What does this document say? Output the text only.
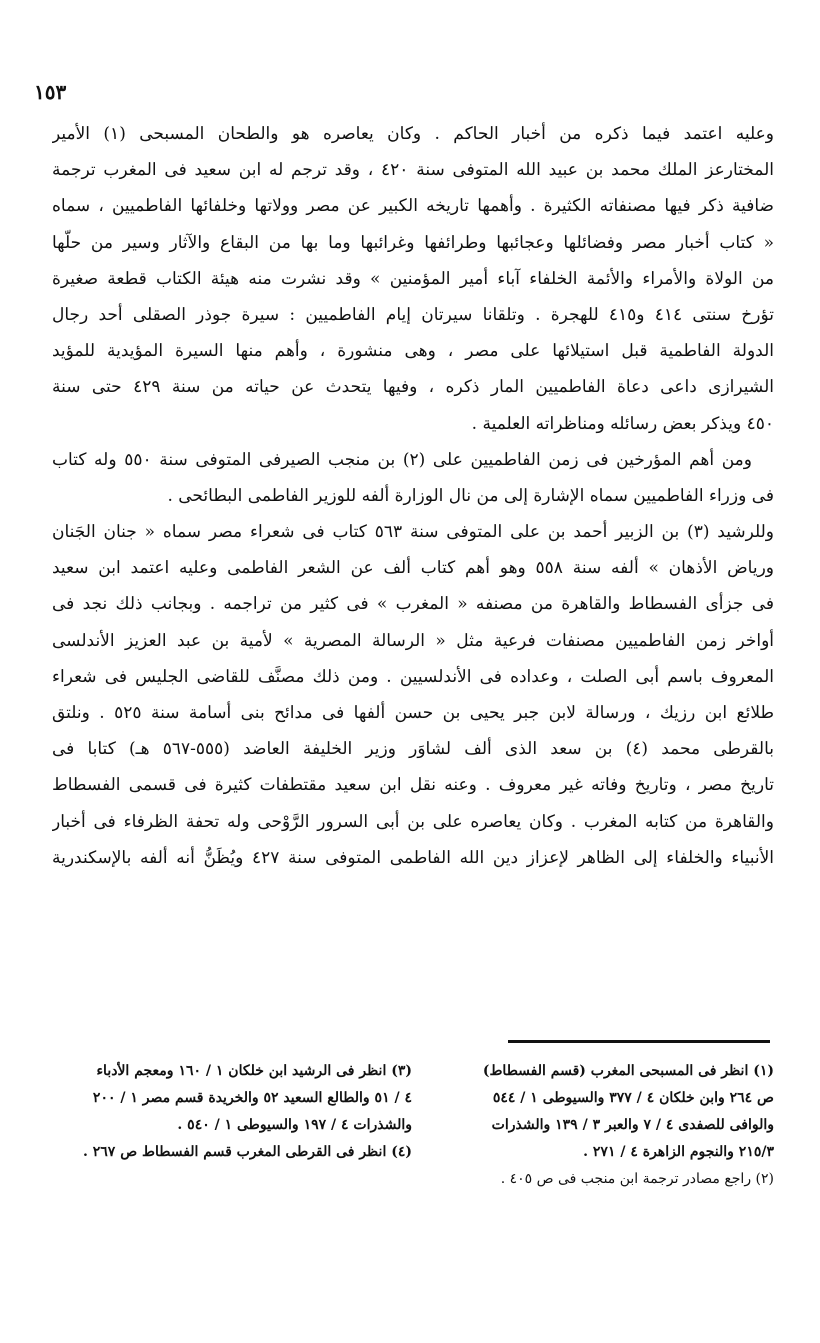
١٥٣
وعليه اعتمد فيما ذكره من أخبار الحاكم . وكان يعاصره هو والطحان المسبحى (١) الأمير
المختارعز الملك محمد بن عبيد الله المتوفى سنة ٤٢٠ ، وقد ترجم له ابن سعيد فى المغرب ترجمة
ضافية ذكر فيها مصنفاته الكثيرة . وأهمها تاريخه الكبير عن مصر وولاتها وخلفائها الفاطميين ، سماه
« كتاب أخبار مصر وفضائلها وعجائبها وطرائفها وغرائبها وما بها من البقاع والآثار وسير من حلّها
من الولاة والأمراء والأئمة الخلفاء آباء أمير المؤمنين » وقد نشرت منه هيئة الكتاب قطعة صغيرة
تؤرخ سنتى ٤١٤ و٤١٥ للهجرة . وتلقانا سيرتان إيام الفاطميين : سيرة جوذر الصقلى أحد رجال
الدولة الفاطمية قبل استيلائها على مصر ، وهى منشورة ، وأهم منها السيرة المؤيدية للمؤيد
الشيرازى داعى دعاة الفاطميين المار ذكره ، وفيها يتحدث عن حياته من سنة ٤٢٩ حتى سنة
٤٥٠ ويذكر بعض رسائله ومناظراته العلمية .
ومن أهم المؤرخين فى زمن الفاطميين على (٢) بن منجب الصيرفى المتوفى سنة ٥٥٠ وله كتاب
فى وزراء الفاطميين سماه الإشارة إلى من نال الوزارة ألفه للوزير الفاطمى البطائحى .
وللرشيد (٣) بن الزبير أحمد بن على المتوفى سنة ٥٦٣ كتاب فى شعراء مصر سماه « جنان الجَنان
ورياض الأذهان » ألفه سنة ٥٥٨ وهو أهم كتاب ألف عن الشعر الفاطمى وعليه اعتمد ابن سعيد
فى جزأى الفسطاط والقاهرة من مصنفه « المغرب » فى كثير من تراجمه . وبجانب ذلك نجد فى
أواخر زمن الفاطميين مصنفات فرعية مثل « الرسالة المصرية » لأمية بن عبد العزيز الأندلسى
المعروف باسم أبى الصلت ، وعداده فى الأندلسيين . ومن ذلك مصنَّف للقاضى الجليس فى شعراء
طلائع ابن رزيك ، ورسالة لابن جبر يحيى بن حسن ألفها فى مدائح بنى أسامة سنة ٥٢٥ . ونلتق
بالقرطى محمد (٤) بن سعد الذى ألف لشاوَر وزير الخليفة العاضد (٥٥٥-٥٦٧ هـ) كتابا فى
تاريخ مصر ، وتاريخ وفاته غير معروف . وعنه نقل ابن سعيد مقتطفات كثيرة فى قسمى الفسطاط
والقاهرة من كتابه المغرب . وكان يعاصره على بن أبى السرور الرَّوْحى وله تحفة الظرفاء فى أخبار
الأنبياء والخلفاء إلى الظاهر لإعزاز دين الله الفاطمى المتوفى سنة ٤٢٧ ويُظَنُّ أنه ألفه بالإسكندرية
(١) انظر فى المسبحى المغرب (قسم الفسطاط)
ص ٢٦٤ وابن خلكان ٤ / ٣٧٧ والسيوطى ١ / ٥٤٤
والوافى للصفدى ٤ / ٧ والعبر ٣ / ١٣٩ والشذرات
٢١٥/٣ والنجوم الزاهرة ٤ / ٢٧١ .
(٢) راجع مصادر ترجمة ابن منجب فى ص ٤٠٥ .
(٣) انظر فى الرشيد ابن خلكان ١ / ١٦٠ ومعجم الأدباء
٤ / ٥١ والطالع السعيد ٥٢ والخريدة قسم مصر ١ / ٢٠٠
والشذرات ٤ / ١٩٧ والسيوطى ١ / ٥٤٠ .
(٤) انظر فى القرطى المغرب قسم الفسطاط ص ٢٦٧ .
